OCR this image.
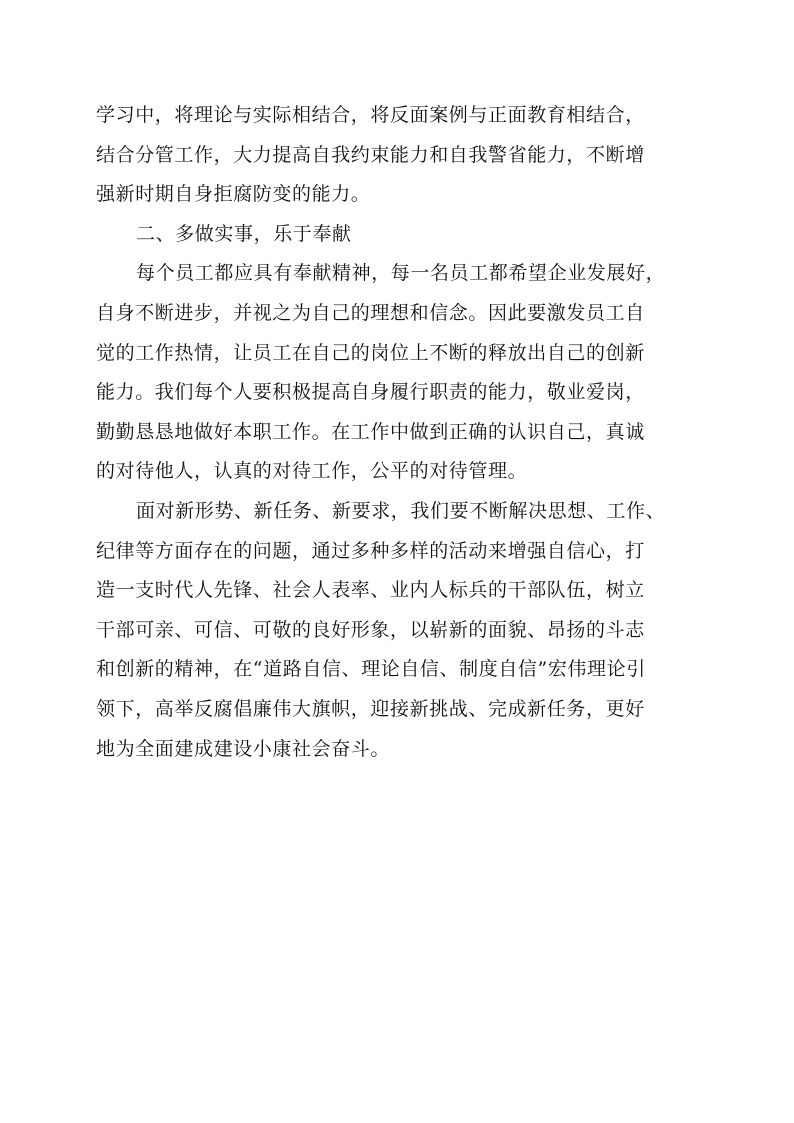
学习中，将理论与实际相结合，将反面案例与正面教育相结合，
结合分管工作，大力提高自我约束能力和自我警省能力，不断增
强新时期自身拒腐防变的能力。
二、多做实事，乐于奉献
每个员工都应具有奉献精神，每一名员工都希望企业发展好，
自身不断进步，并视之为自己的理想和信念。因此要激发员工自
觉的工作热情，让员工在自己的岗位上不断的释放出自己的创新
能力。我们每个人要积极提高自身履行职责的能力，敬业爱岗，
勤勤恳恳地做好本职工作。在工作中做到正确的认识自己，真诚
的对待他人，认真的对待工作，公平的对待管理。
面对新形势、新任务、新要求，我们要不断解决思想、工作、
纪律等方面存在的问题，通过多种多样的活动来增强自信心，打
造一支时代人先锋、社会人表率、业内人标兵的干部队伍，树立
干部可亲、可信、可敬的良好形象，以崭新的面貌、昂扬的斗志
和创新的精神，在“道路自信、理论自信、制度自信”宏伟理论引
领下，高举反腐倡廉伟大旗帜，迎接新挑战、完成新任务，更好
地为全面建成建设小康社会奋斗。
